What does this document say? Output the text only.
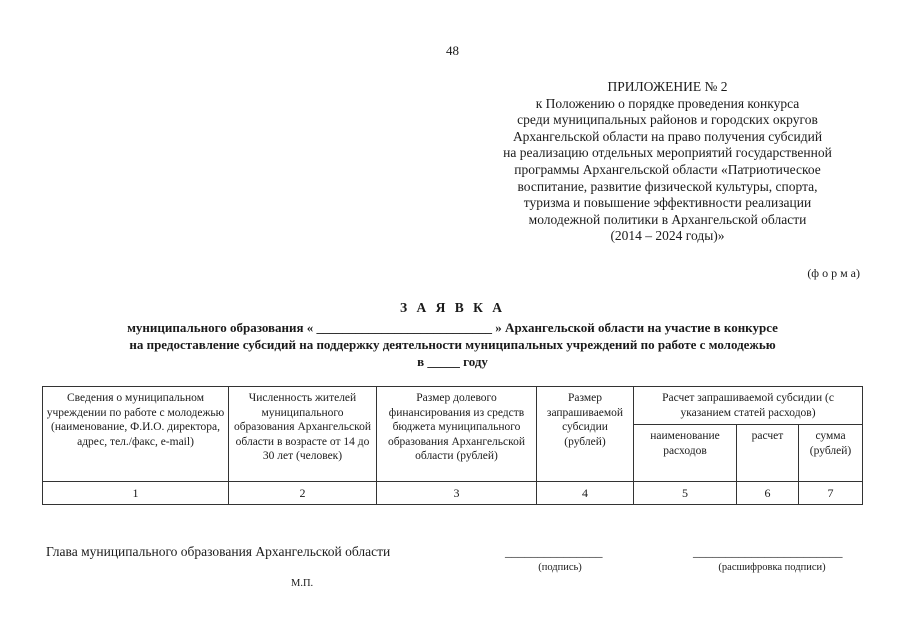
48
ПРИЛОЖЕНИЕ № 2
к Положению о порядке проведения конкурса
среди муниципальных районов и городских округов
Архангельской области на право получения субсидий
на реализацию отдельных мероприятий государственной
программы Архангельской области «Патриотическое
воспитание, развитие физической культуры, спорта,
туризма и повышение эффективности реализации
молодежной политики в Архангельской области
(2014 – 2024 годы)»
(ф о р м а)
З А Я В К А
муниципального образования « ___________________________ » Архангельской области на участие в конкурсе
на предоставление субсидий на поддержку деятельности муниципальных учреждений по работе с молодежью
в _____ году
Сведения о муниципальном учреждении по работе с молодежью (наименование, Ф.И.О. директора, адрес, тел./факс, e-mail)	Численность жителей муниципального образования Архангельской области в возрасте от 14 до 30 лет (человек)	Размер долевого финансирования из средств бюджета муниципального образования Архангельской области (рублей)	Размер запрашиваемой субсидии (рублей)	Расчет запрашиваемой субсидии (с указанием статей расходов)		
				наименование расходов	расчет	сумма (рублей)
1	2	3	4	5	6	7
Глава муниципального образования Архангельской области	_______________	_______________________
(подпись)	(расшифровка подписи)
М.П.
